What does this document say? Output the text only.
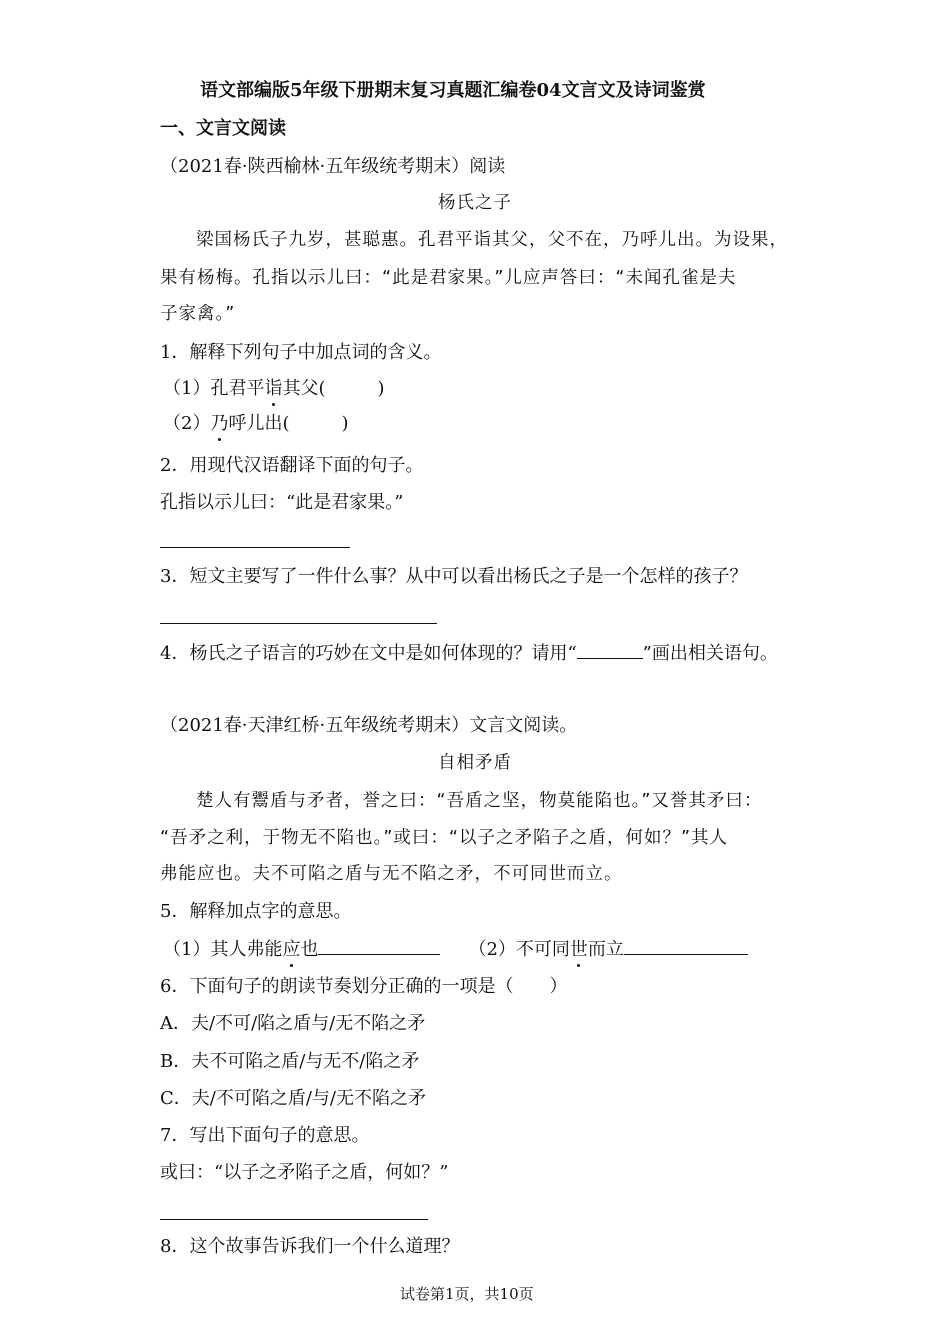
语文部编版5年级下册期末复习真题汇编卷04文言文及诗词鉴赏
一、文言文阅读
（2021春·陕西榆林·五年级统考期末）阅读
杨氏之子
梁国杨氏子九岁，甚聪惠。孔君平诣其父，父不在，乃呼儿出。为设果，
果有杨梅。孔指以示儿曰：“此是君家果。”儿应声答曰：“未闻孔雀是夫
子家禽。”
1．解释下列句子中加点词的含义。
（1）孔君平诣其父(	)
（2）乃呼儿出(	)
2．用现代汉语翻译下面的句子。
孔指以示儿曰：“此是君家果。”
3．短文主要写了一件什么事？从中可以看出杨氏之子是一个怎样的孩子？
4．杨氏之子语言的巧妙在文中是如何体现的？请用“	”画出相关语句。
（2021春·天津红桥·五年级统考期末）文言文阅读。
自相矛盾
楚人有鬻盾与矛者，誉之曰：“吾盾之坚，物莫能陷也。”又誉其矛曰：
“吾矛之利，于物无不陷也。”或曰：“以子之矛陷子之盾，何如？”其人
弗能应也。夫不可陷之盾与无不陷之矛，不可同世而立。
5．解释加点字的意思。
（1）其人弗能应也	（2）不可同世而立
6．下面句子的朗读节奏划分正确的一项是（　　）
A．夫/不可/陷之盾与/无不陷之矛
B．夫不可陷之盾/与无不/陷之矛
C．夫/不可陷之盾/与/无不陷之矛
7．写出下面句子的意思。
或曰：“以子之矛陷子之盾，何如？”
8．这个故事告诉我们一个什么道理？
试卷第1页，共10页
